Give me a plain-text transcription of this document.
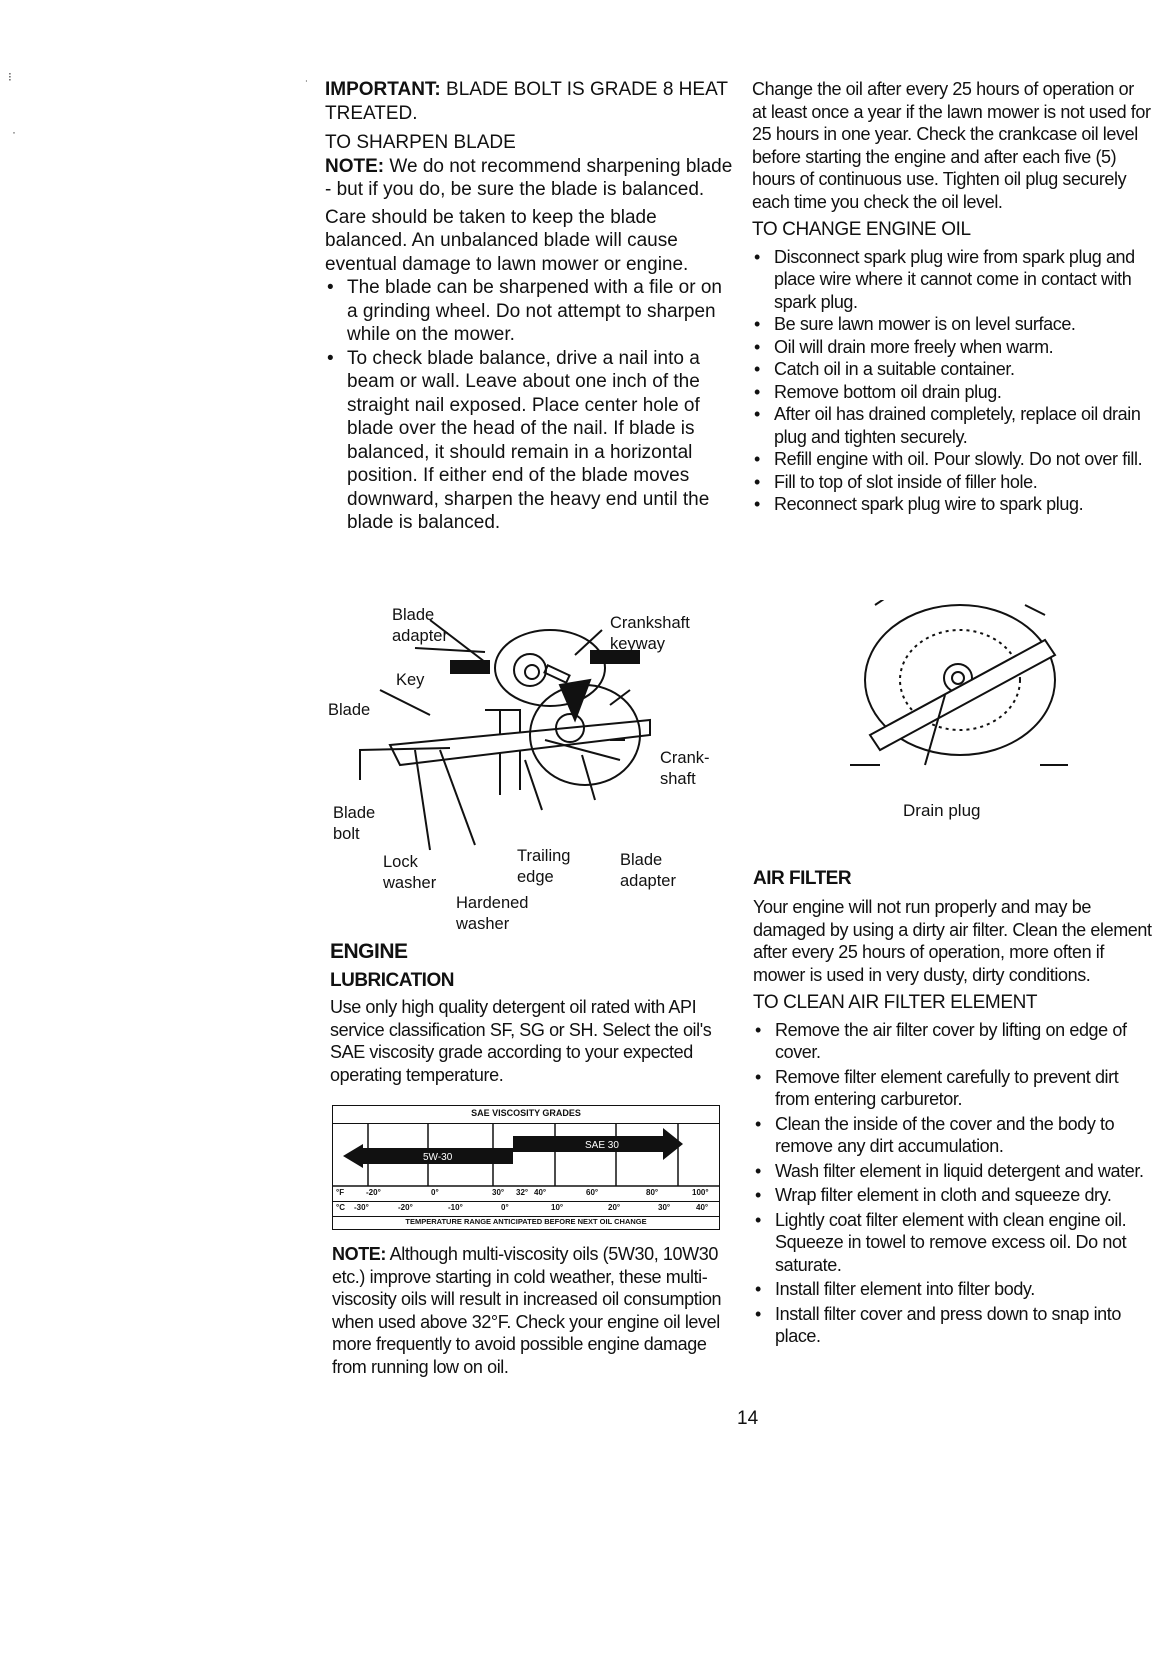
⁝
·
˙ IMPORTANT: BLADE BOLT IS GRADE 8 HEAT TREATED.

TO SHARPEN BLADE

NOTE: We do not recommend sharpening blade - but if you do, be sure the blade is balanced.

Care should be taken to keep the blade balanced. An unbalanced blade will cause eventual damage to lawn mower or engine.

• The blade can be sharpened with a file or on a grinding wheel. Do not attempt to sharpen while on the mower.
• To check blade balance, drive a nail into a beam or wall. Leave about one inch of the straight nail exposed. Place center hole of blade over the head of the nail. If blade is balanced, it should remain in a horizontal position. If either end of the blade moves downward, sharpen the heavy end until the blade is balanced.
Blade
adapter
Crankshaft
keyway
Key
Blade
Crank-
shaft
Blade
bolt
Lock
washer
Trailing
edge
Blade
adapter
Hardened
washer

ENGINE

LUBRICATION

Use only high quality detergent oil rated with API service classification SF, SG or SH. Select the oil's SAE viscosity grade according to your expected operating temperature.

SAE VISCOSITY GRADES
5W-30
SAE 30
°F	-20°	0°	30° 32° 40°	60°	80°	100°
°C -30°	-20°	-10°	0°	10°	20°	30°	40°
TEMPERATURE RANGE ANTICIPATED BEFORE NEXT OIL CHANGE

NOTE: Although multi-viscosity oils (5W30, 10W30 etc.) improve starting in cold weather, these multi-viscosity oils will result in increased oil consumption when used above 32°F. Check your engine oil level more frequently to avoid possible engine damage from running low on oil.

Change the oil after every 25 hours of operation or at least once a year if the lawn mower is not used for 25 hours in one year. Check the crankcase oil level before starting the engine and after each five (5) hours of continuous use. Tighten oil plug securely each time you check the oil level.

TO CHANGE ENGINE OIL

• Disconnect spark plug wire from spark plug and place wire where it cannot come in contact with spark plug.
• Be sure lawn mower is on level surface.
• Oil will drain more freely when warm.
• Catch oil in a suitable container.
• Remove bottom oil drain plug.
• After oil has drained completely, replace oil drain plug and tighten securely.
• Refill engine with oil. Pour slowly. Do not over fill.
• Fill to top of slot inside of filler hole.
• Reconnect spark plug wire to spark plug.
Drain plug

AIR FILTER

Your engine will not run properly and may be damaged by using a dirty air filter. Clean the element after every 25 hours of operation, more often if mower is used in very dusty, dirty conditions.

TO CLEAN AIR FILTER ELEMENT

• Remove the air filter cover by lifting on edge of cover.
• Remove filter element carefully to prevent dirt from entering carburetor.
• Clean the inside of the cover and the body to remove any dirt accumulation.
• Wash filter element in liquid detergent and water.
• Wrap filter element in cloth and squeeze dry.
• Lightly coat filter element with clean engine oil. Squeeze in towel to remove excess oil. Do not saturate.
• Install filter element into filter body.
• Install filter cover and press down to snap into place.
14
